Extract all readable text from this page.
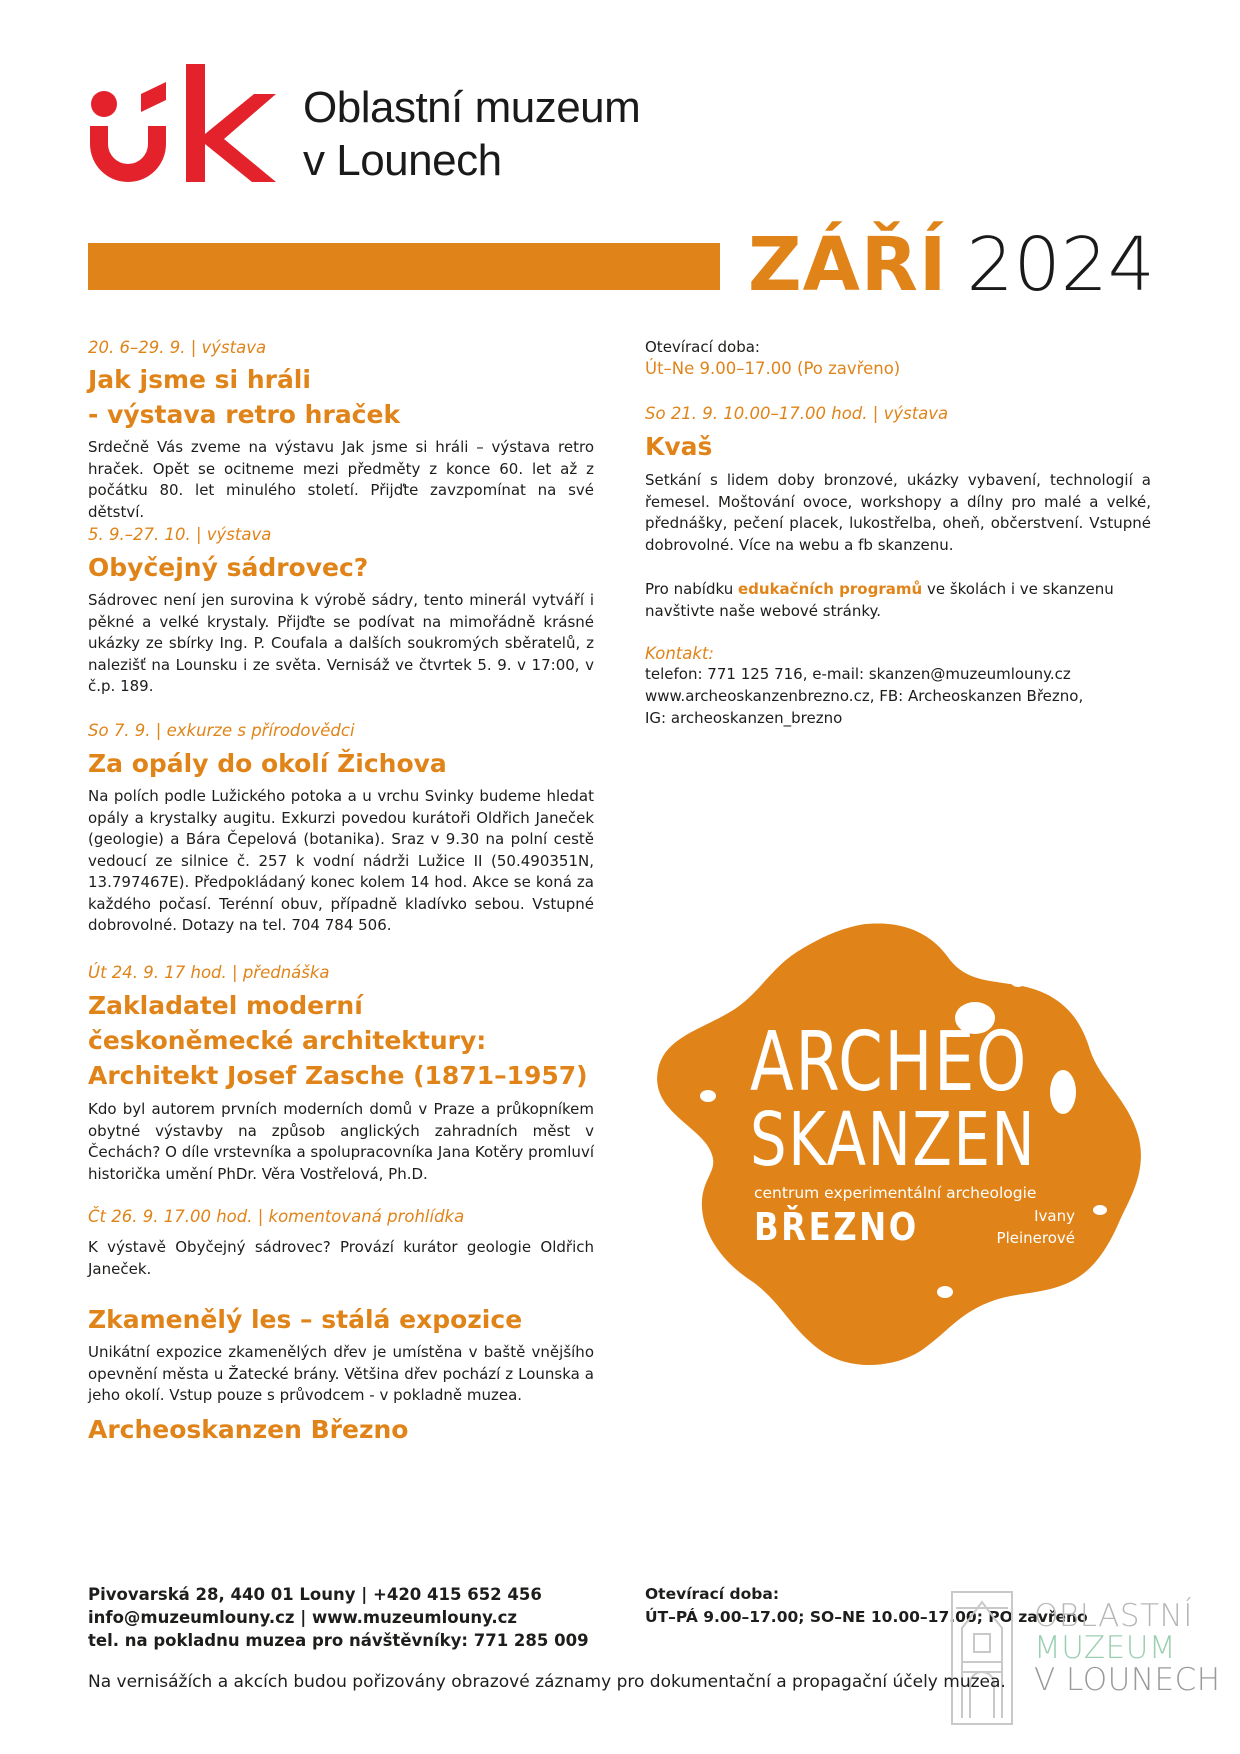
Oblastní muzeum
v Lounech
ZÁŘÍ 2024
20. 6–29. 9. | výstava
Jak jsme si hráli
- výstava retro hraček
Srdečně Vás zveme na výstavu Jak jsme si hráli – výstava retro hraček. Opět se ocitneme mezi předměty z konce 60. let až z počátku 80. let minulého století. Přijďte zavzpomínat na své dětství.
5. 9.–27. 10. | výstava
Obyčejný sádrovec?
Sádrovec není jen surovina k výrobě sádry, tento minerál vytváří i pěkné a velké krystaly. Přijďte se podívat na mimořádně krásné ukázky ze sbírky Ing. P. Coufala a dalších soukromých sběratelů, z nalezišť na Lounsku i ze světa. Vernisáž ve čtvrtek 5. 9. v 17:00, v č.p. 189.
So 7. 9. | exkurze s přírodovědci
Za opály do okolí Žichova
Na polích podle Lužického potoka a u vrchu Svinky budeme hledat opály a krystalky augitu. Exkurzi povedou kurátoři Oldřich Janeček (geologie) a Bára Čepelová (botanika). Sraz v 9.30 na polní cestě vedoucí ze silnice č. 257 k vodní nádrži Lužice II (50.490351N, 13.797467E). Předpokládaný konec kolem 14 hod. Akce se koná za každého počasí. Terénní obuv, případně kladívko sebou. Vstupné dobrovolné. Dotazy na tel. 704 784 506.
Út 24. 9. 17 hod. | přednáška
Zakladatel moderní
českoněmecké architektury:
Architekt Josef Zasche (1871–1957)
Kdo byl autorem prvních moderních domů v Praze a průkopníkem obytné výstavby na způsob anglických zahradních měst v Čechách? O díle vrstevníka a spolupracovníka Jana Kotěry promluví historička umění PhDr. Věra Vostřelová, Ph.D.
Čt 26. 9. 17.00 hod. | komentovaná prohlídka
K výstavě Obyčejný sádrovec? Provází kurátor geologie Oldřich Janeček.
Zkamenělý les – stálá expozice
Unikátní expozice zkamenělých dřev je umístěna v baště vnějšího opevnění města u Žatecké brány. Většina dřev pochází z Lounska a jeho okolí. Vstup pouze s průvodcem - v pokladně muzea.
Archeoskanzen Březno
Otevírací doba:
Út–Ne 9.00–17.00 (Po zavřeno)
So 21. 9. 10.00–17.00 hod. | výstava
Kvaš
Setkání s lidem doby bronzové, ukázky vybavení, technologií a řemesel. Moštování ovoce, workshopy a dílny pro malé a velké, přednášky, pečení placek, lukostřelba, oheň, občerstvení. Vstupné dobrovolné. Více na webu a fb skanzenu.
Pro nabídku edukačních programů ve školách i ve skanzenu navštivte naše webové stránky.
Kontakt:
telefon: 771 125 716, e-mail: skanzen@muzeumlouny.cz
www.archeoskanzenbrezno.cz, FB: Archeoskanzen Březno,
IG: archeoskanzen_brezno
ARCHEO
SKANZEN
centrum experimentální archeologie
BŘEZNO	Ivany
Pleinerové
Pivovarská 28, 440 01 Louny | +420 415 652 456
info@muzeumlouny.cz | www.muzeumlouny.cz
tel. na pokladnu muzea pro návštěvníky: 771 285 009
Otevírací doba:
ÚT–PÁ 9.00–17.00; SO–NE 10.00–17.00; PO zavřeno
OBLASTNÍ
MUZEUM
V LOUNECH
Na vernisážích a akcích budou pořizovány obrazové záznamy pro dokumentační a propagační účely muzea.
